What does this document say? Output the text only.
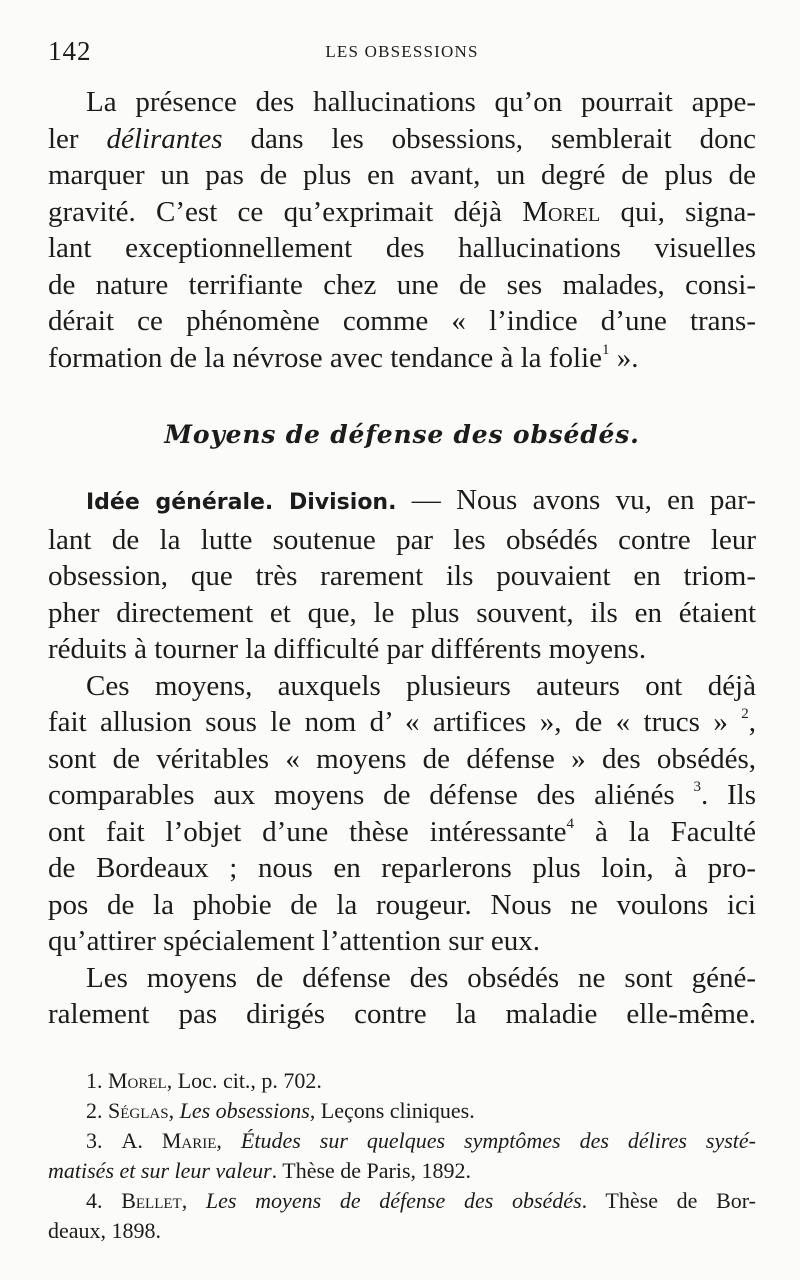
142	LES OBSESSIONS
La présence des hallucinations qu’on pourrait appe-
ler délirantes dans les obsessions, semblerait donc
marquer un pas de plus en avant, un degré de plus de
gravité. C’est ce qu’exprimait déjà Morel qui, signa-
lant exceptionnellement des hallucinations visuelles
de nature terrifiante chez une de ses malades, consi-
dérait ce phénomène comme « l’indice d’une trans-
formation de la névrose avec tendance à la folie$^1$ ».
Moyens de défense des obsédés.
Idée générale. Division. — Nous avons vu, en par-
lant de la lutte soutenue par les obsédés contre leur
obsession, que très rarement ils pouvaient en triom-
pher directement et que, le plus souvent, ils en étaient
réduits à tourner la difficulté par différents moyens.
Ces moyens, auxquels plusieurs auteurs ont déjà
fait allusion sous le nom d’ « artifices », de « trucs » $^2$,
sont de véritables « moyens de défense » des obsédés,
comparables aux moyens de défense des aliénés $^3$. Ils
ont fait l’objet d’une thèse intéressante$^4$ à la Faculté
de Bordeaux ; nous en reparlerons plus loin, à pro-
pos de la phobie de la rougeur. Nous ne voulons ici
qu’attirer spécialement l’attention sur eux.
Les moyens de défense des obsédés ne sont géné-
ralement pas dirigés contre la maladie elle-même.
1. Morel, Loc. cit., p. 702.
2. Séglas, Les obsessions, Leçons cliniques.
3. A. Marie, Études sur quelques symptômes des délires systé-
matisés et sur leur valeur. Thèse de Paris, 1892.
4. Bellet, Les moyens de défense des obsédés. Thèse de Bor-
deaux, 1898.
